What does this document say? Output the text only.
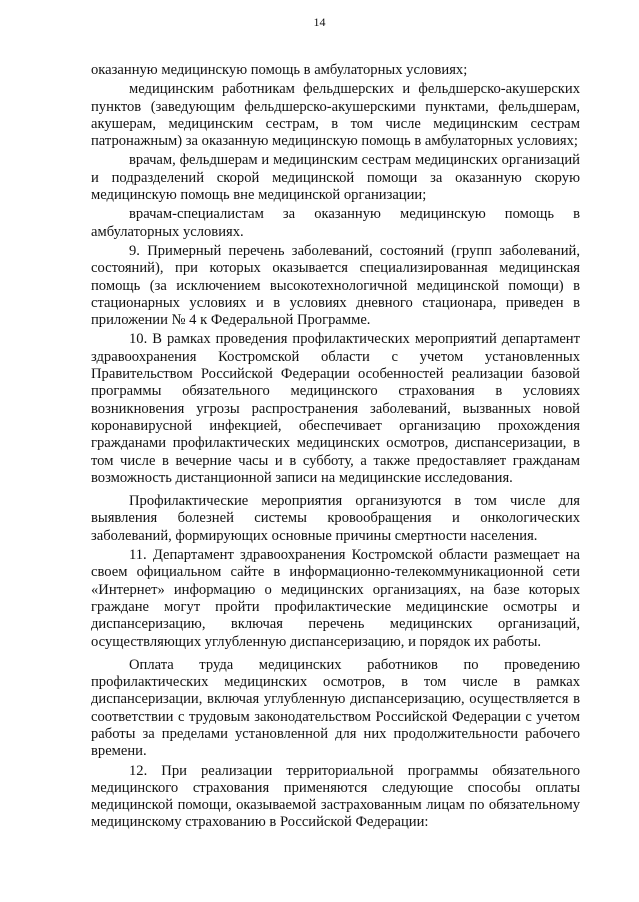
14

оказанную медицинскую помощь в амбулаторных условиях;

медицинским работникам фельдшерских и фельдшерско-акушерских пунктов (заведующим фельдшерско-акушерскими пунктами, фельдшерам, акушерам, медицинским сестрам, в том числе медицинским сестрам патронажным) за оказанную медицинскую помощь в амбулаторных условиях;

врачам, фельдшерам и медицинским сестрам медицинских организаций и подразделений скорой медицинской помощи за оказанную скорую медицинскую помощь вне медицинской организации;

врачам-специалистам за оказанную медицинскую помощь в амбулаторных условиях.

9. Примерный перечень заболеваний, состояний (групп заболеваний, состояний), при которых оказывается специализированная медицинская помощь (за исключением высокотехнологичной медицинской помощи) в стационарных условиях и в условиях дневного стационара, приведен в приложении № 4 к Федеральной Программе.

10. В рамках проведения профилактических мероприятий департамент здравоохранения Костромской области с учетом установленных Правительством Российской Федерации особенностей реализации базовой программы обязательного медицинского страхования в условиях возникновения угрозы распространения заболеваний, вызванных новой коронавирусной инфекцией, обеспечивает организацию прохождения гражданами профилактических медицинских осмотров, диспансеризации, в том числе в вечерние часы и в субботу, а также предоставляет гражданам возможность дистанционной записи на медицинские исследования.

Профилактические мероприятия организуются в том числе для выявления болезней системы кровообращения и онкологических заболеваний, формирующих основные причины смертности населения.

11. Департамент здравоохранения Костромской области размещает на своем официальном сайте в информационно-телекоммуникационной сети «Интернет» информацию о медицинских организациях, на базе которых граждане могут пройти профилактические медицинские осмотры и диспансеризацию, включая перечень медицинских организаций, осуществляющих углубленную диспансеризацию, и порядок их работы.

Оплата труда медицинских работников по проведению профилактических медицинских осмотров, в том числе в рамках диспансеризации, включая углубленную диспансеризацию, осуществляется в соответствии с трудовым законодательством Российской Федерации с учетом работы за пределами установленной для них продолжительности рабочего времени.

12. При реализации территориальной программы обязательного медицинского страхования применяются следующие способы оплаты медицинской помощи, оказываемой застрахованным лицам по обязательному медицинскому страхованию в Российской Федерации:
